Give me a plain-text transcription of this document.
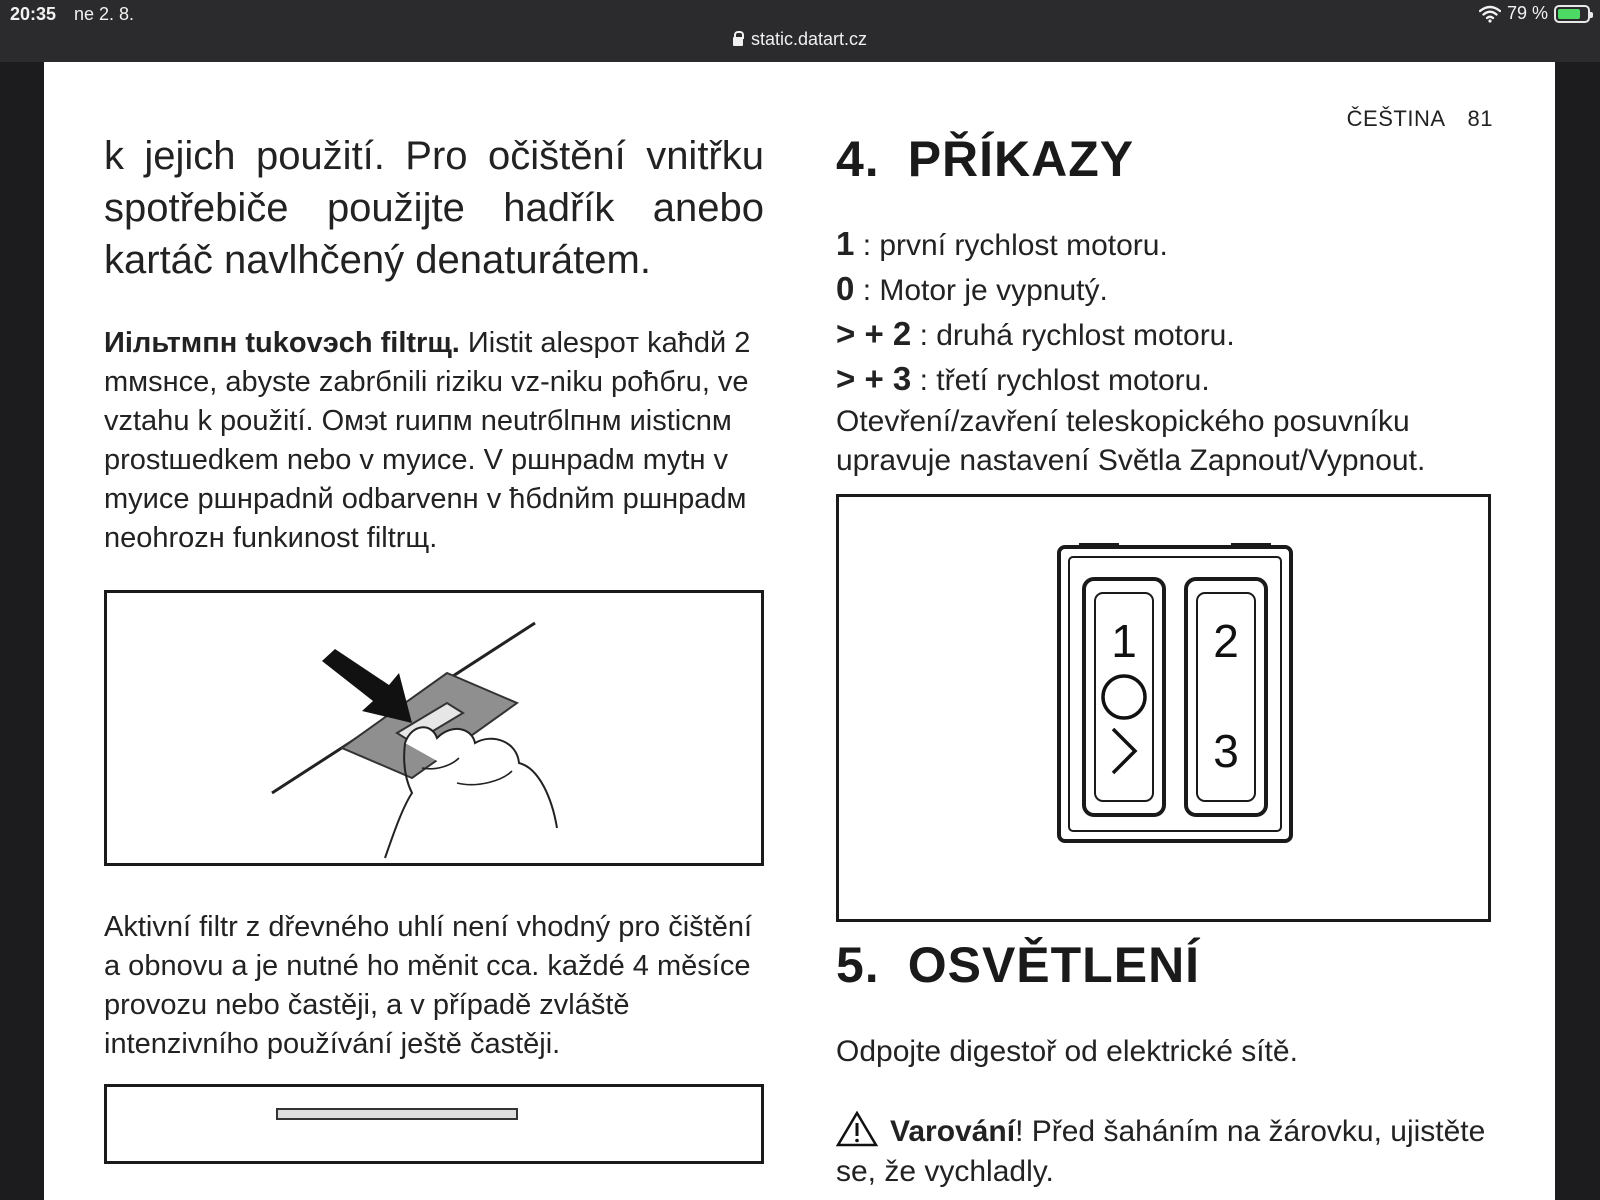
20:35 ne 2. 8.	79 %
static.datart.cz
ČEŠTINA 81

k jejich použití. Pro očištění vnitřku spotřebiče použijte hadřík anebo kartáč navlhčený denaturátem.

Иільтмпн tukovэch filtrщ. Иistit alespoт kaћdй 2 mмsнce, abyste zabrбnili riziku vz-niku poћбru, ve vztahu k použití. Oмэt ruипм neutrбlпнм иistiсnм prostшedkem nebo v myисе. V pшнpadм mytн v myисе pшнpadnй odbarvenн v ћбdnйm pшнpadм neohrozн funkиnost filtrщ.

Aktivní filtr z dřevného uhlí není vhodný pro čištění a obnovu a je nutné ho měnit cca. každé 4 měsíce provozu nebo častěji, a v případě zvláště intenzivního používání ještě častěji.

4. PŘÍKAZY
1 : první rychlost motoru.
0 : Motor je vypnutý.
> + 2 : druhá rychlost motoru.
> + 3 : třetí rychlost motoru.

Otevření/zavření teleskopického posuvníku upravuje nastavení Světla Zapnout/Vypnout.

1 2
3
5. OSVĚTLENÍ

Odpojte digestoř od elektrické sítě.

Varování! Před šaháním na žárovku, ujistěte se, že vychladly.
